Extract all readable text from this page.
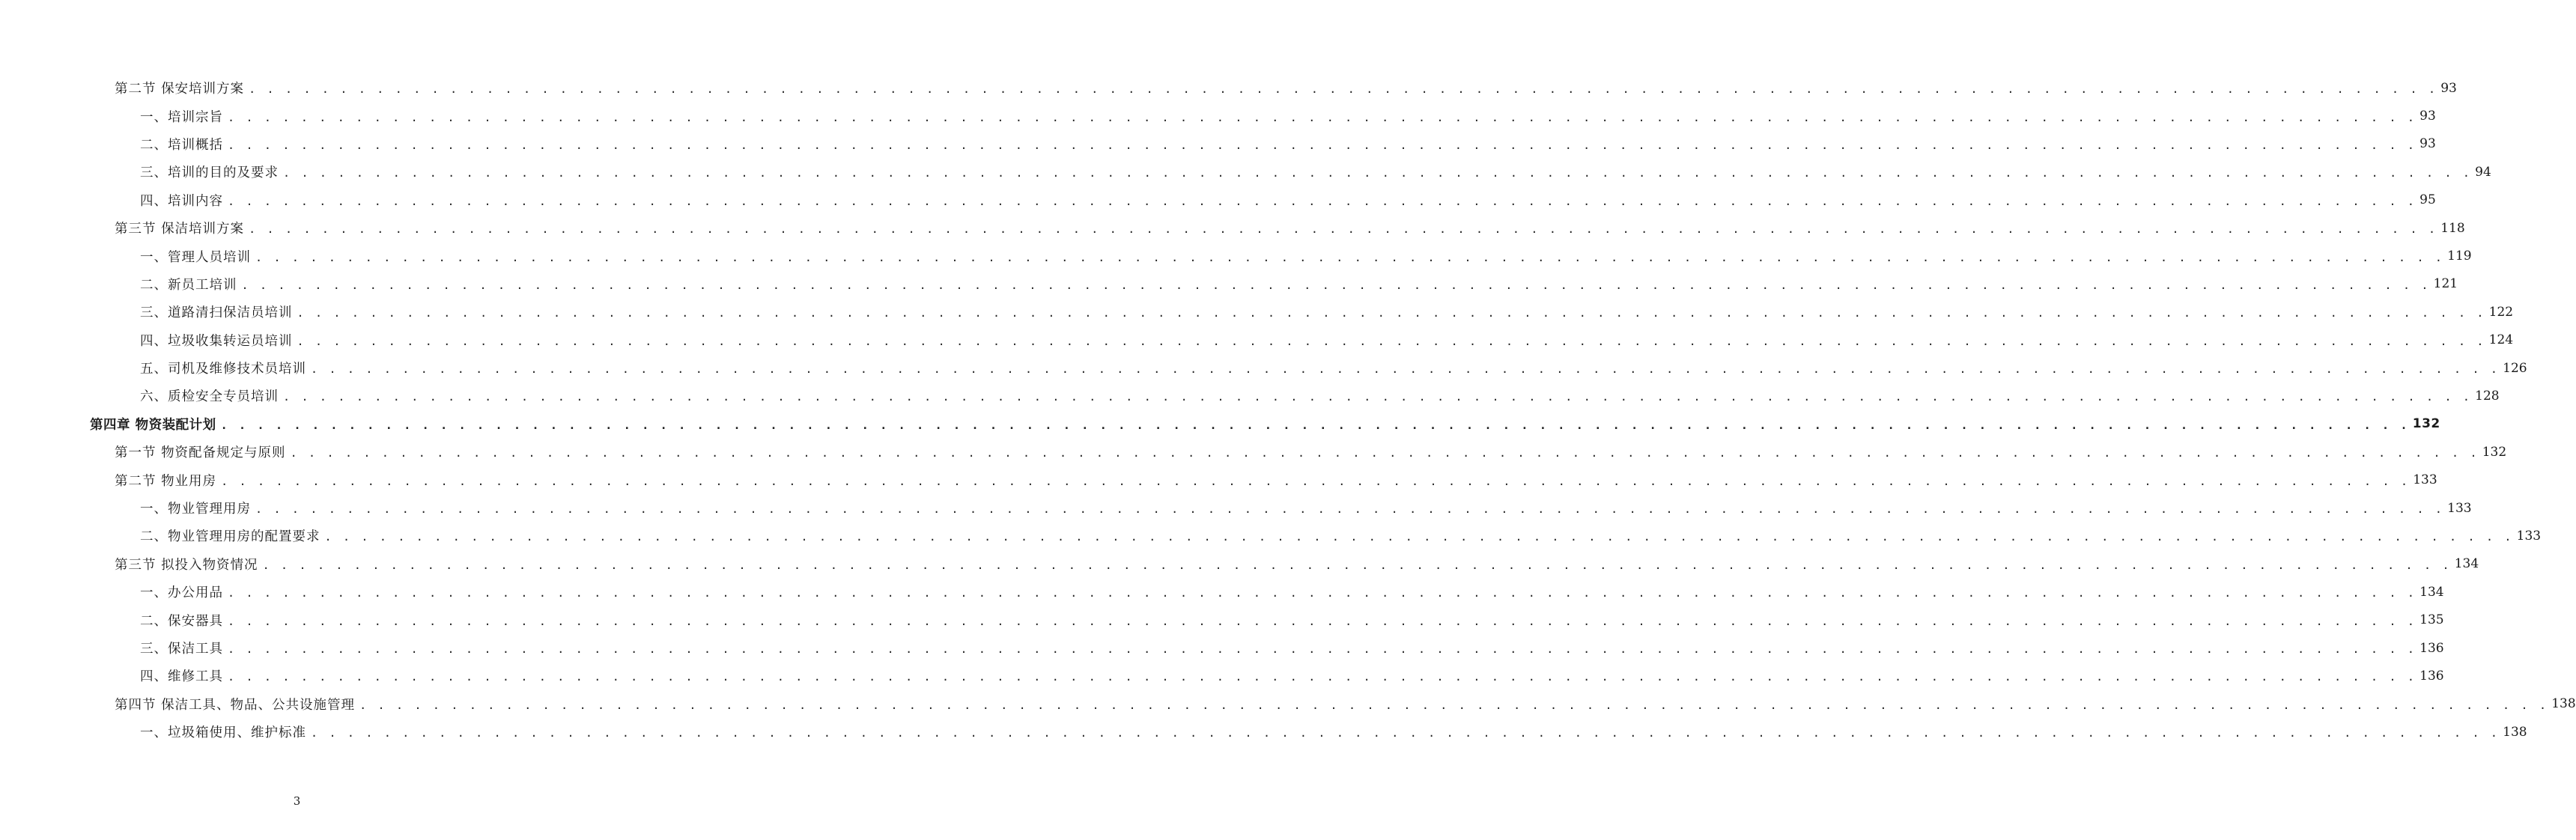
第二节 保安培训方案 . . . . . . . . . . . . . . . . . . . . . . . . . . . . . . . . . . . . . . . . . . . . . . . . . . . . . . . . . . . . . . . . . . . . . . . . . . . . . . . . . . . . . . . . . . . . . . . . . . . . . . . . . . . . . . . . . . . . . . . . 93
一、培训宗旨 . . . . . . . . . . . . . . . . . . . . . . . . . . . . . . . . . . . . . . . . . . . . . . . . . . . . . . . . . . . . . . . . . . . . . . . . . . . . . . . . . . . . . . . . . . . . . . . . . . . . . . . . . . . . . . . . . . . . . . . . 93
二、培训概括 . . . . . . . . . . . . . . . . . . . . . . . . . . . . . . . . . . . . . . . . . . . . . . . . . . . . . . . . . . . . . . . . . . . . . . . . . . . . . . . . . . . . . . . . . . . . . . . . . . . . . . . . . . . . . . . . . . . . . . . . 93
三、培训的目的及要求 . . . . . . . . . . . . . . . . . . . . . . . . . . . . . . . . . . . . . . . . . . . . . . . . . . . . . . . . . . . . . . . . . . . . . . . . . . . . . . . . . . . . . . . . . . . . . . . . . . . . . . . . . . . . . . . . . . . . . . . . 94
四、培训内容 . . . . . . . . . . . . . . . . . . . . . . . . . . . . . . . . . . . . . . . . . . . . . . . . . . . . . . . . . . . . . . . . . . . . . . . . . . . . . . . . . . . . . . . . . . . . . . . . . . . . . . . . . . . . . . . . . . . . . . . . 95
第三节 保洁培训方案 . . . . . . . . . . . . . . . . . . . . . . . . . . . . . . . . . . . . . . . . . . . . . . . . . . . . . . . . . . . . . . . . . . . . . . . . . . . . . . . . . . . . . . . . . . . . . . . . . . . . . . . . . . . . . . . . . . . . . . . . 118
一、管理人员培训 . . . . . . . . . . . . . . . . . . . . . . . . . . . . . . . . . . . . . . . . . . . . . . . . . . . . . . . . . . . . . . . . . . . . . . . . . . . . . . . . . . . . . . . . . . . . . . . . . . . . . . . . . . . . . . . . . . . . . . . . 119
二、新员工培训 . . . . . . . . . . . . . . . . . . . . . . . . . . . . . . . . . . . . . . . . . . . . . . . . . . . . . . . . . . . . . . . . . . . . . . . . . . . . . . . . . . . . . . . . . . . . . . . . . . . . . . . . . . . . . . . . . . . . . . . . 121
三、道路清扫保洁员培训 . . . . . . . . . . . . . . . . . . . . . . . . . . . . . . . . . . . . . . . . . . . . . . . . . . . . . . . . . . . . . . . . . . . . . . . . . . . . . . . . . . . . . . . . . . . . . . . . . . . . . . . . . . . . . . . . . . . . . . . . 122
四、垃圾收集转运员培训 . . . . . . . . . . . . . . . . . . . . . . . . . . . . . . . . . . . . . . . . . . . . . . . . . . . . . . . . . . . . . . . . . . . . . . . . . . . . . . . . . . . . . . . . . . . . . . . . . . . . . . . . . . . . . . . . . . . . . . . . 124
五、司机及维修技术员培训 . . . . . . . . . . . . . . . . . . . . . . . . . . . . . . . . . . . . . . . . . . . . . . . . . . . . . . . . . . . . . . . . . . . . . . . . . . . . . . . . . . . . . . . . . . . . . . . . . . . . . . . . . . . . . . . . . . . . . . . . 126
六、质检安全专员培训 . . . . . . . . . . . . . . . . . . . . . . . . . . . . . . . . . . . . . . . . . . . . . . . . . . . . . . . . . . . . . . . . . . . . . . . . . . . . . . . . . . . . . . . . . . . . . . . . . . . . . . . . . . . . . . . . . . . . . . . . 128
第四章 物资装配计划 . . . . . . . . . . . . . . . . . . . . . . . . . . . . . . . . . . . . . . . . . . . . . . . . . . . . . . . . . . . . . . . . . . . . . . . . . . . . . . . . . . . . . . . . . . . . . . . . . . . . . . . . . . . . . . . . . . . . . . . . 132
第一节 物资配备规定与原则 . . . . . . . . . . . . . . . . . . . . . . . . . . . . . . . . . . . . . . . . . . . . . . . . . . . . . . . . . . . . . . . . . . . . . . . . . . . . . . . . . . . . . . . . . . . . . . . . . . . . . . . . . . . . . . . . . . . . . . . . 132
第二节 物业用房 . . . . . . . . . . . . . . . . . . . . . . . . . . . . . . . . . . . . . . . . . . . . . . . . . . . . . . . . . . . . . . . . . . . . . . . . . . . . . . . . . . . . . . . . . . . . . . . . . . . . . . . . . . . . . . . . . . . . . . . . 133
一、物业管理用房 . . . . . . . . . . . . . . . . . . . . . . . . . . . . . . . . . . . . . . . . . . . . . . . . . . . . . . . . . . . . . . . . . . . . . . . . . . . . . . . . . . . . . . . . . . . . . . . . . . . . . . . . . . . . . . . . . . . . . . . . 133
二、物业管理用房的配置要求 . . . . . . . . . . . . . . . . . . . . . . . . . . . . . . . . . . . . . . . . . . . . . . . . . . . . . . . . . . . . . . . . . . . . . . . . . . . . . . . . . . . . . . . . . . . . . . . . . . . . . . . . . . . . . . . . . . . . . . . . 133
第三节 拟投入物资情况 . . . . . . . . . . . . . . . . . . . . . . . . . . . . . . . . . . . . . . . . . . . . . . . . . . . . . . . . . . . . . . . . . . . . . . . . . . . . . . . . . . . . . . . . . . . . . . . . . . . . . . . . . . . . . . . . . . . . . . . . 134
一、办公用品 . . . . . . . . . . . . . . . . . . . . . . . . . . . . . . . . . . . . . . . . . . . . . . . . . . . . . . . . . . . . . . . . . . . . . . . . . . . . . . . . . . . . . . . . . . . . . . . . . . . . . . . . . . . . . . . . . . . . . . . . 134
二、保安器具 . . . . . . . . . . . . . . . . . . . . . . . . . . . . . . . . . . . . . . . . . . . . . . . . . . . . . . . . . . . . . . . . . . . . . . . . . . . . . . . . . . . . . . . . . . . . . . . . . . . . . . . . . . . . . . . . . . . . . . . . 135
三、保洁工具 . . . . . . . . . . . . . . . . . . . . . . . . . . . . . . . . . . . . . . . . . . . . . . . . . . . . . . . . . . . . . . . . . . . . . . . . . . . . . . . . . . . . . . . . . . . . . . . . . . . . . . . . . . . . . . . . . . . . . . . . 136
四、维修工具 . . . . . . . . . . . . . . . . . . . . . . . . . . . . . . . . . . . . . . . . . . . . . . . . . . . . . . . . . . . . . . . . . . . . . . . . . . . . . . . . . . . . . . . . . . . . . . . . . . . . . . . . . . . . . . . . . . . . . . . . 136
第四节 保洁工具、物品、公共设施管理 . . . . . . . . . . . . . . . . . . . . . . . . . . . . . . . . . . . . . . . . . . . . . . . . . . . . . . . . . . . . . . . . . . . . . . . . . . . . . . . . . . . . . . . . . . . . . . . . . . . . . . . . . . . . . . . . . . . . . . . . 138
一、垃圾箱使用、维护标准 . . . . . . . . . . . . . . . . . . . . . . . . . . . . . . . . . . . . . . . . . . . . . . . . . . . . . . . . . . . . . . . . . . . . . . . . . . . . . . . . . . . . . . . . . . . . . . . . . . . . . . . . . . . . . . . . . . . . . . . . 138
3
